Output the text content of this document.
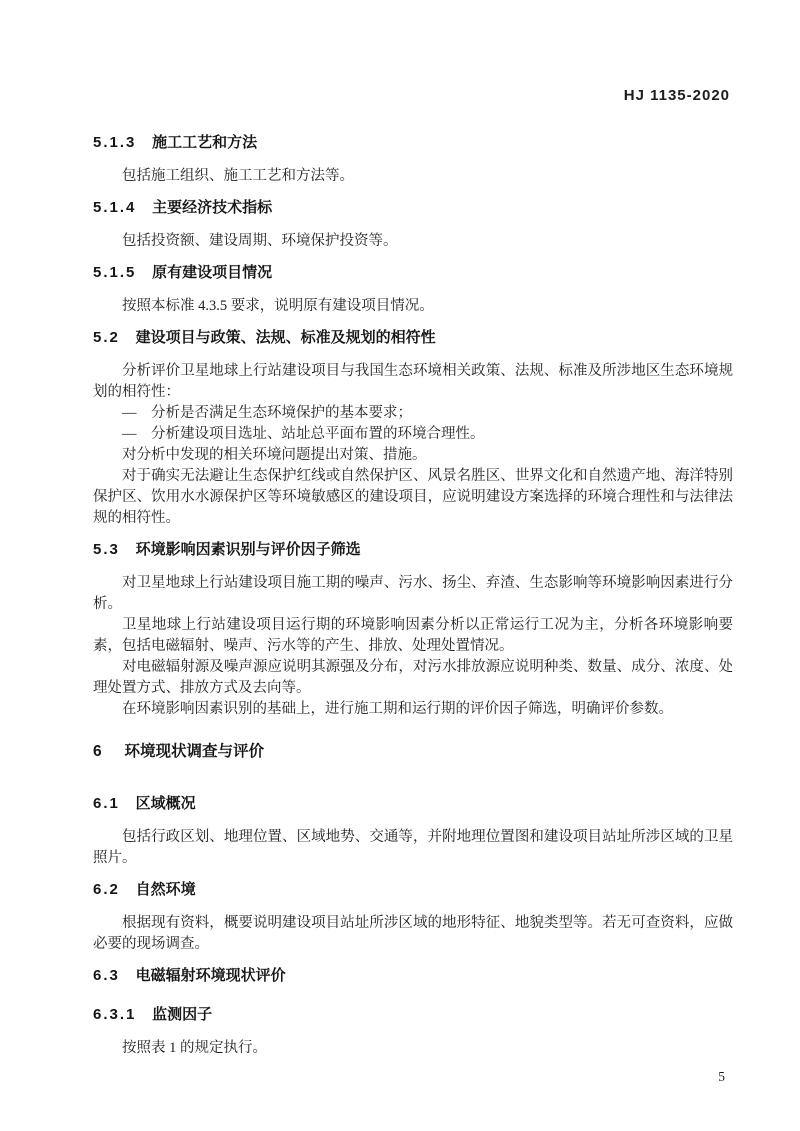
HJ 1135-2020
5.1.3 施工工艺和方法

包括施工组织、施工工艺和方法等。

5.1.4 主要经济技术指标

包括投资额、建设周期、环境保护投资等。

5.1.5 原有建设项目情况

按照本标准 4.3.5 要求，说明原有建设项目情况。

5.2 建设项目与政策、法规、标准及规划的相符性

分析评价卫星地球上行站建设项目与我国生态环境相关政策、法规、标准及所涉地区生态环境规划的相符性：

—　分析是否满足生态环境保护的基本要求；

—　分析建设项目选址、站址总平面布置的环境合理性。

对分析中发现的相关环境问题提出对策、措施。

对于确实无法避让生态保护红线或自然保护区、风景名胜区、世界文化和自然遗产地、海洋特别保护区、饮用水水源保护区等环境敏感区的建设项目，应说明建设方案选择的环境合理性和与法律法规的相符性。

5.3 环境影响因素识别与评价因子筛选

对卫星地球上行站建设项目施工期的噪声、污水、扬尘、弃渣、生态影响等环境影响因素进行分析。

卫星地球上行站建设项目运行期的环境影响因素分析以正常运行工况为主，分析各环境影响要素，包括电磁辐射、噪声、污水等的产生、排放、处理处置情况。

对电磁辐射源及噪声源应说明其源强及分布，对污水排放源应说明种类、数量、成分、浓度、处理处置方式、排放方式及去向等。

在环境影响因素识别的基础上，进行施工期和运行期的评价因子筛选，明确评价参数。

6 环境现状调查与评价
6.1 区域概况

包括行政区划、地理位置、区域地势、交通等，并附地理位置图和建设项目站址所涉区域的卫星照片。

6.2 自然环境

根据现有资料，概要说明建设项目站址所涉区域的地形特征、地貌类型等。若无可查资料，应做必要的现场调查。

6.3 电磁辐射环境现状评价
6.3.1 监测因子

按照表 1 的规定执行。

5
